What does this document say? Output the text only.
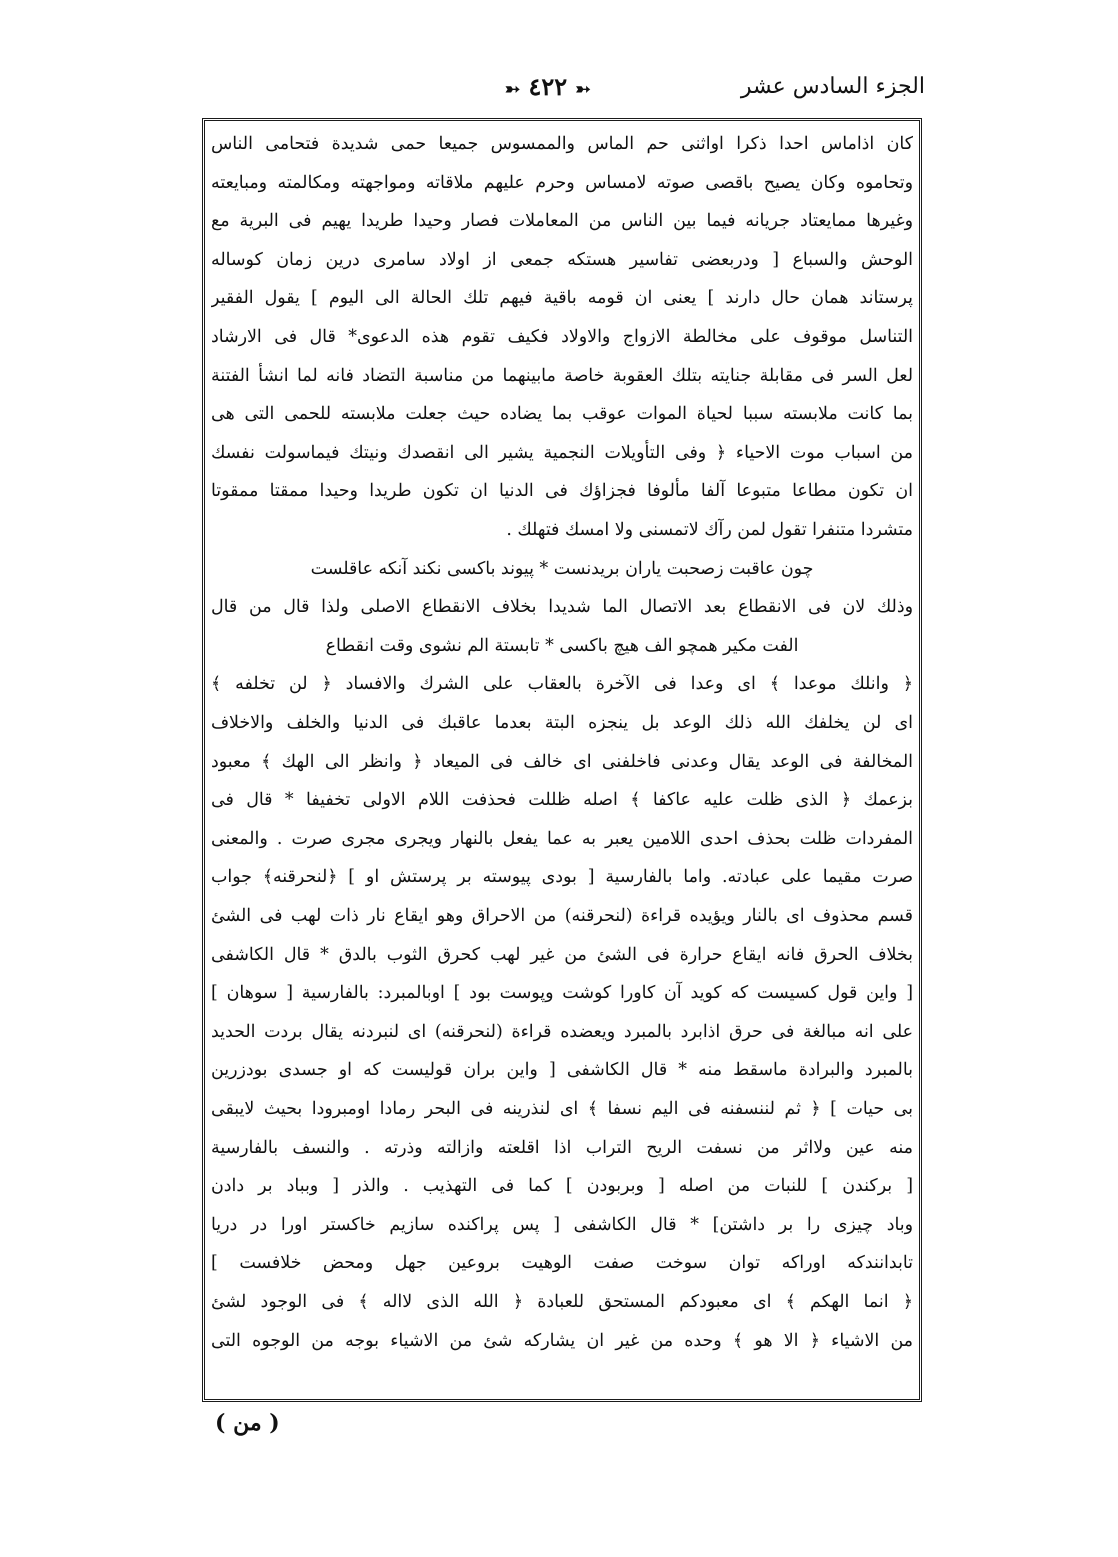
الجزء السادس عشر
➳ ٤٢٢ ➳
كان اذاماس احدا ذكرا اواثنى حم الماس والممسوس جميعا حمى شديدة فتحامى الناس
وتحاموه وكان يصيح باقصى صوته لامساس وحرم عليهم ملاقاته ومواجهته ومكالمته ومبايعته
وغيرها ممايعتاد جريانه فيما بين الناس من المعاملات فصار وحيدا طريدا يهيم فى البرية مع
الوحش والسباع [ ودربعضى تفاسير هستكه جمعى از اولاد سامرى درين زمان كوساله
پرستاند همان حال دارند ] يعنى ان قومه باقية فيهم تلك الحالة الى اليوم ] يقول الفقير
التناسل موقوف على مخالطة الازواج والاولاد فكيف تقوم هذه الدعوى* قال فى الارشاد
لعل السر فى مقابلة جنايته بتلك العقوبة خاصة مابينهما من مناسبة التضاد فانه لما انشأ الفتنة
بما كانت ملابسته سببا لحياة الموات عوقب بما يضاده حيث جعلت ملابسته للحمى التى هى
من اسباب موت الاحياء ﴿ وفى التأويلات النجمية يشير الى انقصدك ونيتك فيماسولت نفسك
ان تكون مطاعا متبوعا آلفا مألوفا فجزاؤك فى الدنيا ان تكون طريدا وحيدا ممقتا ممقوتا
متشردا متنفرا تقول لمن رآك لاتمسنى ولا امسك فتهلك .
چون عاقبت زصحبت ياران بريدنست * پيوند باكسى نكند آنكه عاقلست
وذلك لان فى الانقطاع بعد الاتصال الما شديدا بخلاف الانقطاع الاصلى ولذا قال من قال
الفت مكير همچو الف هيچ باكسى * تابستة الم نشوى وقت انقطاع
﴿ وانلك موعدا ﴾ اى وعدا فى الآخرة بالعقاب على الشرك والافساد ﴿ لن تخلفه ﴾
اى لن يخلفك الله ذلك الوعد بل ينجزه البتة بعدما عاقبك فى الدنيا والخلف والاخلاف
المخالفة فى الوعد يقال وعدنى فاخلفنى اى خالف فى الميعاد ﴿ وانظر الى الهك ﴾ معبود
بزعمك ﴿ الذى ظلت عليه عاكفا ﴾ اصله ظللت فحذفت اللام الاولى تخفيفا * قال فى
المفردات ظلت بحذف احدى اللامين يعبر به عما يفعل بالنهار ويجرى مجرى صرت . والمعنى
صرت مقيما على عبادته. واما بالفارسية [ بودى پيوسته بر پرستش او ] ﴿لنحرقنه﴾ جواب
قسم محذوف اى بالنار ويؤيده قراءة (لنحرقنه) من الاحراق وهو ايقاع نار ذات لهب فى الشئ
بخلاف الحرق فانه ايقاع حرارة فى الشئ من غير لهب كحرق الثوب بالدق * قال الكاشفى
[ واين قول كسيست كه كويد آن كاورا كوشت وپوست بود ] اوبالمبرد: بالفارسية [ سوهان ]
على انه مبالغة فى حرق اذابرد بالمبرد ويعضده قراءة (لنحرقنه) اى لنبردنه يقال بردت الحديد
بالمبرد والبرادة ماسقط منه * قال الكاشفى [ واين بران قوليست كه او جسدى بودزرين
بى حيات ] ﴿ ثم لننسفنه فى اليم نسفا ﴾ اى لنذرينه فى البحر رمادا اومبرودا بحيث لايبقى
منه عين ولااثر من نسفت الريح التراب اذا اقلعته وازالته وذرته . والنسف بالفارسية
[ بركندن ] للنبات من اصله [ وبربودن ] كما فى التهذيب . والذر [ وبباد بر دادن
وباد چيزى را بر داشتن] * قال الكاشفى [ پس پراكنده سازيم خاكستر اورا در دريا
تابدانندكه اوراكه توان سوخت صفت الوهيت بروعين جهل ومحض خلافست ]
﴿ انما الهكم ﴾ اى معبودكم المستحق للعبادة ﴿ الله الذى لااله ﴾ فى الوجود لشئ
من الاشياء ﴿ الا هو ﴾ وحده من غير ان يشاركه شئ من الاشياء بوجه من الوجوه التى
( من )
